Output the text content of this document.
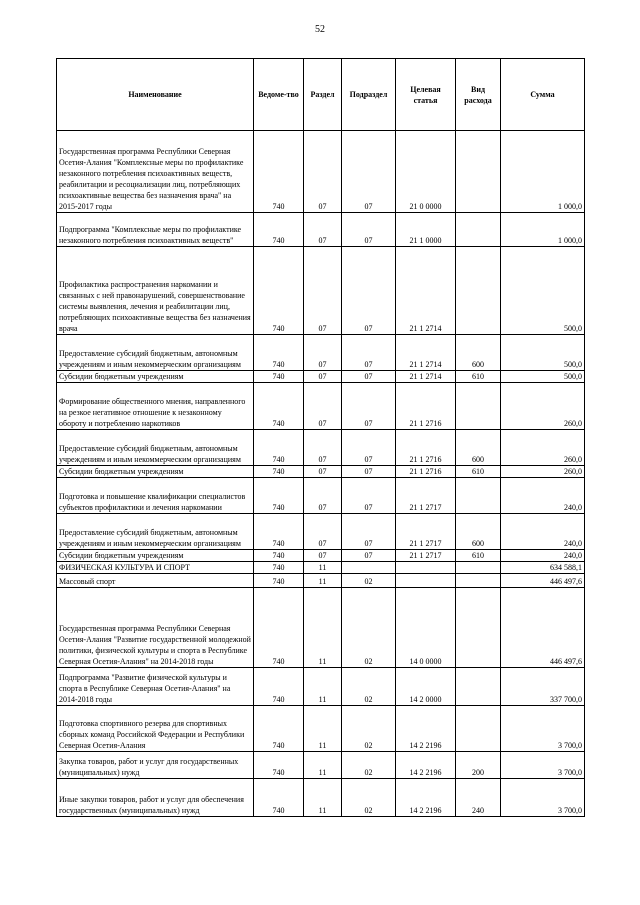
52
Наименование	Ведоме-тво	Раздел	Подраздел	Целевая статья	Вид расхода	Сумма
Государственная программа Республики Северная Осетия-Алания "Комплексные меры по профилактике незаконного потребления психоактивных веществ, реабилитации и ресоциализации лиц, потребляющих психоактивные вещества без назначения врача" на 2015-2017 годы	740	07	07	21 0 0000		1 000,0
Подпрограмма "Комплексные меры по профилактике незаконного потребления психоактивных веществ"	740	07	07	21 1 0000		1 000,0
Профилактика распространения наркомании и связанных с ней правонарушений, совершенствование системы выявления, лечения и реабилитации лиц, потребляющих психоактивные вещества без назначения врача	740	07	07	21 1 2714		500,0
Предоставление субсидий бюджетным, автономным учреждениям и иным некоммерческим организациям	740	07	07	21 1 2714	600	500,0
Субсидии бюджетным учреждениям	740	07	07	21 1 2714	610	500,0
Формирование общественного мнения, направленного на резкое негативное отношение к незаконному обороту и потреблению наркотиков	740	07	07	21 1 2716		260,0
Предоставление субсидий бюджетным, автономным учреждениям и иным некоммерческим организациям	740	07	07	21 1 2716	600	260,0
Субсидии бюджетным учреждениям	740	07	07	21 1 2716	610	260,0
Подготовка и повышение квалификации специалистов субъектов профилактики и лечения наркомании	740	07	07	21 1 2717		240,0
Предоставление субсидий бюджетным, автономным учреждениям и иным некоммерческим организациям	740	07	07	21 1 2717	600	240,0
Субсидии бюджетным учреждениям	740	07	07	21 1 2717	610	240,0
ФИЗИЧЕСКАЯ КУЛЬТУРА И СПОРТ	740	11				634 588,1
Массовый спорт	740	11	02			446 497,6
Государственная программа Республики Северная Осетия-Алания "Развитие государственной молодежной политики, физической культуры и спорта в Республике Северная Осетия-Алания" на 2014-2018 годы	740	11	02	14 0 0000		446 497,6
Подпрограмма "Развитие физической культуры и спорта в Республике Северная Осетия-Алания" на 2014-2018 годы	740	11	02	14 2 0000		337 700,0
Подготовка спортивного резерва для спортивных сборных команд Российской Федерации и Республики Северная Осетия-Алания	740	11	02	14 2 2196		3 700,0
Закупка товаров, работ и услуг для государственных (муниципальных) нужд	740	11	02	14 2 2196	200	3 700,0
Иные закупки товаров, работ и услуг для обеспечения государственных (муниципальных) нужд	740	11	02	14 2 2196	240	3 700,0
